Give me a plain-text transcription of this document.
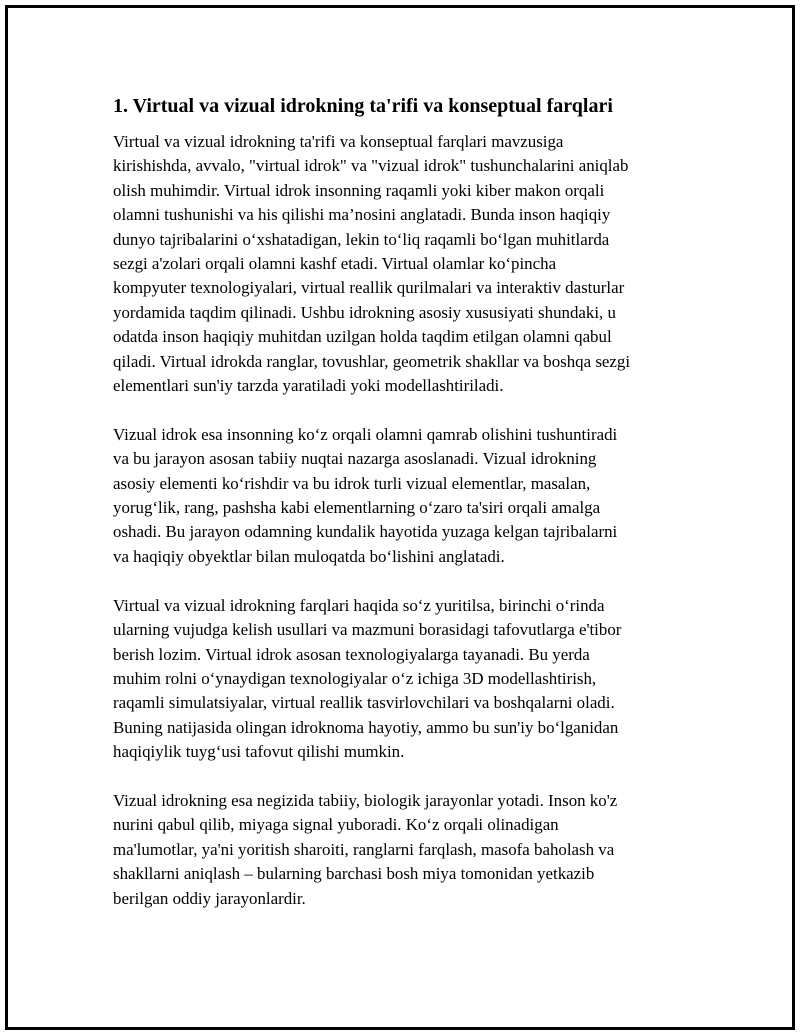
1. Virtual va vizual idrokning ta'rifi va konseptual farqlari
Virtual va vizual idrokning ta'rifi va konseptual farqlari mavzusiga
kirishishda, avvalo, "virtual idrok" va "vizual idrok" tushunchalarini aniqlab
olish muhimdir. Virtual idrok insonning raqamli yoki kiber makon orqali
olamni tushunishi va his qilishi ma’nosini anglatadi. Bunda inson haqiqiy
dunyo tajribalarini oʻxshatadigan, lekin toʻliq raqamli boʻlgan muhitlarda
sezgi a'zolari orqali olamni kashf etadi. Virtual olamlar koʻpincha
kompyuter texnologiyalari, virtual reallik qurilmalari va interaktiv dasturlar
yordamida taqdim qilinadi. Ushbu idrokning asosiy xususiyati shundaki, u
odatda inson haqiqiy muhitdan uzilgan holda taqdim etilgan olamni qabul
qiladi. Virtual idrokda ranglar, tovushlar, geometrik shakllar va boshqa sezgi
elementlari sun'iy tarzda yaratiladi yoki modellashtiriladi.
Vizual idrok esa insonning koʻz orqali olamni qamrab olishini tushuntiradi
va bu jarayon asosan tabiiy nuqtai nazarga asoslanadi. Vizual idrokning
asosiy elementi koʻrishdir va bu idrok turli vizual elementlar, masalan,
yorugʻlik, rang, pashsha kabi elementlarning oʻzaro ta'siri orqali amalga
oshadi. Bu jarayon odamning kundalik hayotida yuzaga kelgan tajribalarni
va haqiqiy obyektlar bilan muloqatda boʻlishini anglatadi.
Virtual va vizual idrokning farqlari haqida soʻz yuritilsa, birinchi oʻrinda
ularning vujudga kelish usullari va mazmuni borasidagi tafovutlarga e'tibor
berish lozim. Virtual idrok asosan texnologiyalarga tayanadi. Bu yerda
muhim rolni oʻynaydigan texnologiyalar oʻz ichiga 3D modellashtirish,
raqamli simulatsiyalar, virtual reallik tasvirlovchilari va boshqalarni oladi.
Buning natijasida olingan idroknoma hayotiy, ammo bu sun'iy boʻlganidan
haqiqiylik tuygʻusi tafovut qilishi mumkin.
Vizual idrokning esa negizida tabiiy, biologik jarayonlar yotadi. Inson ko'z
nurini qabul qilib, miyaga signal yuboradi. Koʻz orqali olinadigan
ma'lumotlar, ya'ni yoritish sharoiti, ranglarni farqlash, masofa baholash va
shakllarni aniqlash – bularning barchasi bosh miya tomonidan yetkazib
berilgan oddiy jarayonlardir.
